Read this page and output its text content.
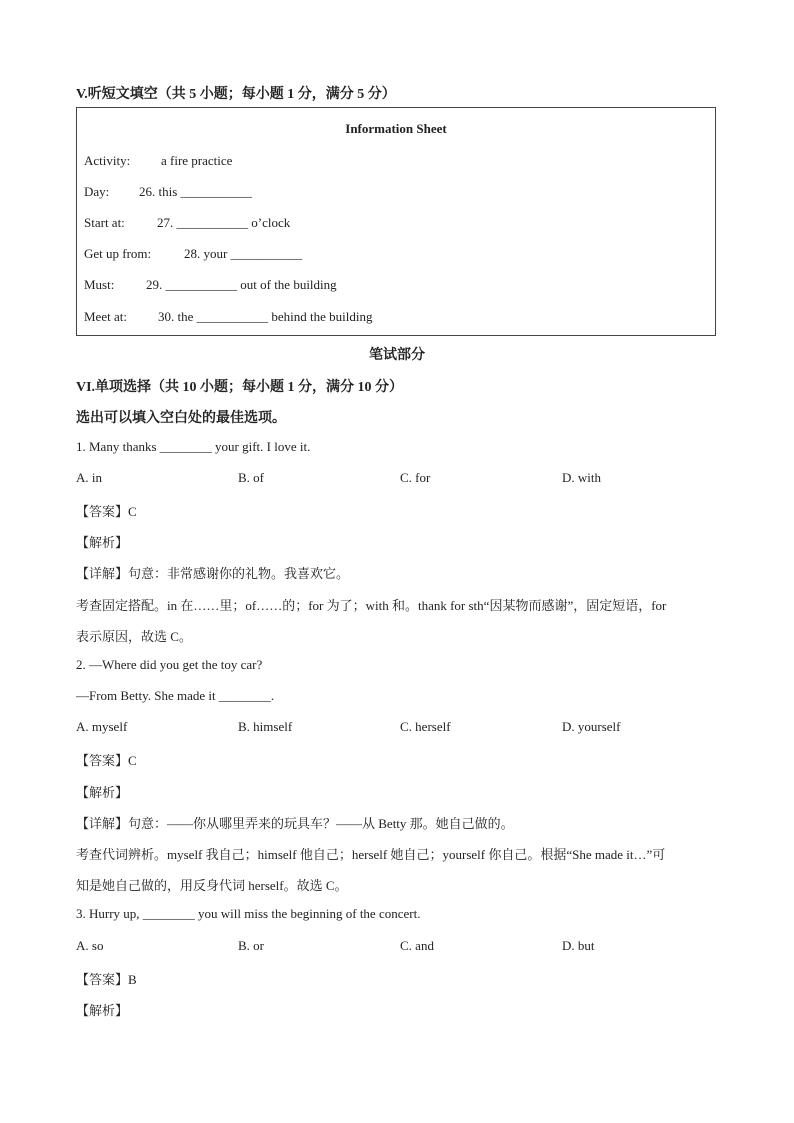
V.听短文填空（共 5 小题；每小题 1 分，满分 5 分）
Information Sheet
Activity: a fire practice
Day: 26. this ___________
Start at: 27. ___________ o’clock
Get up from:	28. your ___________
Must: 29. ___________ out of the building
Meet at: 30. the ___________ behind the building
笔试部分
VI.单项选择（共 10 小题；每小题 1 分，满分 10 分）
选出可以填入空白处的最佳选项。
1. Many thanks ________ your gift. I love it.
A. in	B. of	C. for	D. with
【答案】C
【解析】
【详解】句意：非常感谢你的礼物。我喜欢它。
考查固定搭配。in 在……里；of……的；for 为了；with 和。thank for sth“因某物而感谢”，固定短语，for
表示原因，故选 C。
2. —Where did you get the toy car?
—From Betty. She made it ________.
A. myself	B. himself	C. herself	D. yourself
【答案】C
【解析】
【详解】句意：——你从哪里弄来的玩具车？——从 Betty 那。她自己做的。
考查代词辨析。myself 我自己；himself 他自己；herself 她自己；yourself 你自己。根据“She made it…”可
知是她自己做的，用反身代词 herself。故选 C。
3. Hurry up, ________ you will miss the beginning of the concert.
A. so	B. or	C. and	D. but
【答案】B
【解析】
